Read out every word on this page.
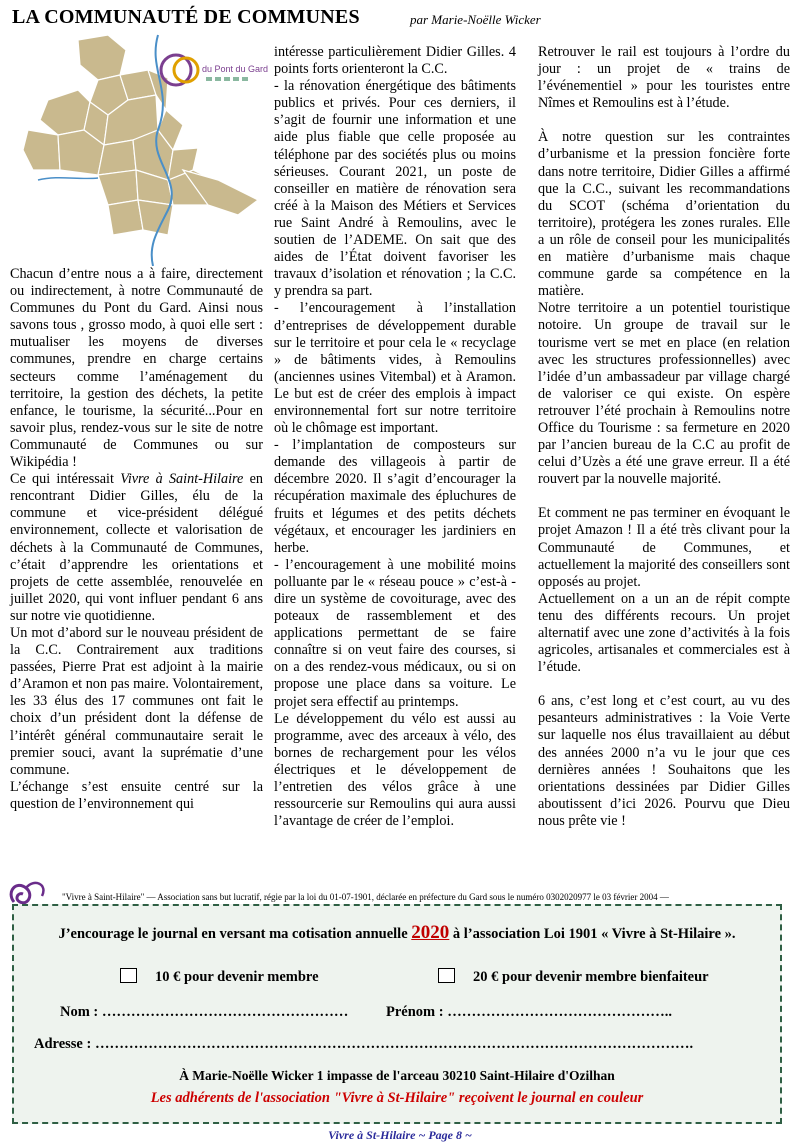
LA COMMUNAUTÉ DE COMMUNES	par Marie-Noëlle Wicker
du Pont du Gard

Chacun d’entre nous a à faire, directement ou indirectement, à notre Communauté de Communes du Pont du Gard. Ainsi nous savons tous , grosso modo, à quoi elle sert : mutualiser les moyens de diverses communes, prendre en charge certains secteurs comme l’aménagement du territoire, la gestion des déchets, la petite enfance, le tourisme, la sécurité...Pour en savoir plus, rendez-vous sur le site de notre Communauté de Communes ou sur Wikipédia !

Ce qui intéressait Vivre à Saint-Hilaire en rencontrant Didier Gilles, élu de la commune et vice-président délégué environnement, collecte et valorisation de déchets à la Communauté de Communes, c’était d’apprendre les orientations et projets de cette assemblée, renouvelée en juillet 2020, qui vont influer pendant 6 ans sur notre vie quotidienne.

Un mot d’abord sur le nouveau président de la C.C. Contrairement aux traditions passées, Pierre Prat est adjoint à la mairie d’Aramon et non pas maire. Volontairement, les 33 élus des 17 communes ont fait le choix d’un président dont la défense de l’intérêt général communautaire serait le premier souci, avant la suprématie d’une commune.

L’échange s’est ensuite centré sur la question de l’environnement qui

intéresse particulièrement Didier Gilles. 4 points forts orienteront la C.C.

- la rénovation énergétique des bâtiments publics et privés. Pour ces derniers, il s’agit de fournir une information et une aide plus fiable que celle proposée au téléphone par des sociétés plus ou moins sérieuses. Courant 2021, un poste de conseiller en matière de rénovation sera créé à la Maison des Métiers et Services rue Saint André à Remoulins, avec le soutien de l’ADEME. On sait que des aides de l’État doivent favoriser les travaux d’isolation et rénovation ; la C.C. y prendra sa part.

- l’encouragement à l’installation d’entreprises de développement durable sur le territoire et pour cela le « recyclage » de bâtiments vides, à Remoulins (anciennes usines Vitembal) et à Aramon. Le but est de créer des emplois à impact environnemental fort sur notre territoire où le chômage est important.

- l’implantation de composteurs sur demande des villageois à partir de décembre 2020. Il s’agit d’encourager la récupération maximale des épluchures de fruits et légumes et des petits déchets végétaux, et encourager les jardiniers en herbe.

- l’encouragement à une mobilité moins polluante par le « réseau pouce » c’est-à -dire un système de covoiturage, avec des poteaux de rassemblement et des applications permettant de se faire connaître si on veut faire des courses, si on a des rendez-vous médicaux, ou si on propose une place dans sa voiture. Le projet sera effectif au printemps.

Le développement du vélo est aussi au programme, avec des arceaux à vélo, des bornes de rechargement pour les vélos électriques et le développement de l’entretien des vélos grâce à une ressourcerie sur Remoulins qui aura aussi l’avantage de créer de l’emploi.

Retrouver le rail est toujours à l’ordre du jour : un projet de « trains de l’événementiel » pour les touristes entre Nîmes et Remoulins est à l’étude.

À notre question sur les contraintes d’urbanisme et la pression foncière forte dans notre territoire, Didier Gilles a affirmé que la C.C., suivant les recommandations du SCOT (schéma d’orientation du territoire), protégera les zones rurales. Elle a un rôle de conseil pour les municipalités en matière d’urbanisme mais chaque commune garde sa compétence en la matière.

Notre territoire a un potentiel touristique notoire. Un groupe de travail sur le tourisme vert se met en place (en relation avec les structures professionnelles) avec l’idée d’un ambassadeur par village chargé de valoriser ce qui existe. On espère retrouver l’été prochain à Remoulins notre Office du Tourisme : sa fermeture en 2020 par l’ancien bureau de la C.C au profit de celui d’Uzès a été une grave erreur. Il a été rouvert par la nouvelle majorité.

Et comment ne pas terminer en évoquant le projet Amazon ! Il a été très clivant pour la Communauté de Communes, et actuellement la majorité des conseillers sont opposés au projet.

Actuellement on a un an de répit compte tenu des différents recours. Un projet alternatif avec une zone d’activités à la fois agricoles, artisanales et commerciales est à l’étude.

6 ans, c’est long et c’est court, au vu des pesanteurs administratives : la Voie Verte sur laquelle nos élus travaillaient au début des années 2000 n’a vu le jour que ces dernières années ! Souhaitons que les orientations dessinées par Didier Gilles aboutissent d’ici 2026. Pourvu que Dieu nous prête vie !

"Vivre à Saint-Hilaire" — Association sans but lucratif, régie par la loi du 01-07-1901, déclarée en préfecture du Gard sous le numéro 0302020977 le 03 février 2004 —
J’encourage le journal en versant ma cotisation annuelle 2020 à l’association Loi 1901 « Vivre à St-Hilaire ».
10 € pour devenir membre	20 € pour devenir membre bienfaiteur
Nom : ……………………………………………	Prénom : ………………………………………..
Adresse : …………………………………………………………………………………………………………….
À Marie-Noëlle Wicker 1 impasse de l'arceau 30210 Saint-Hilaire d'Ozilhan
Les adhérents de l'association "Vivre à St-Hilaire" reçoivent le journal en couleur
Vivre à St-Hilaire ~ Page 8 ~
